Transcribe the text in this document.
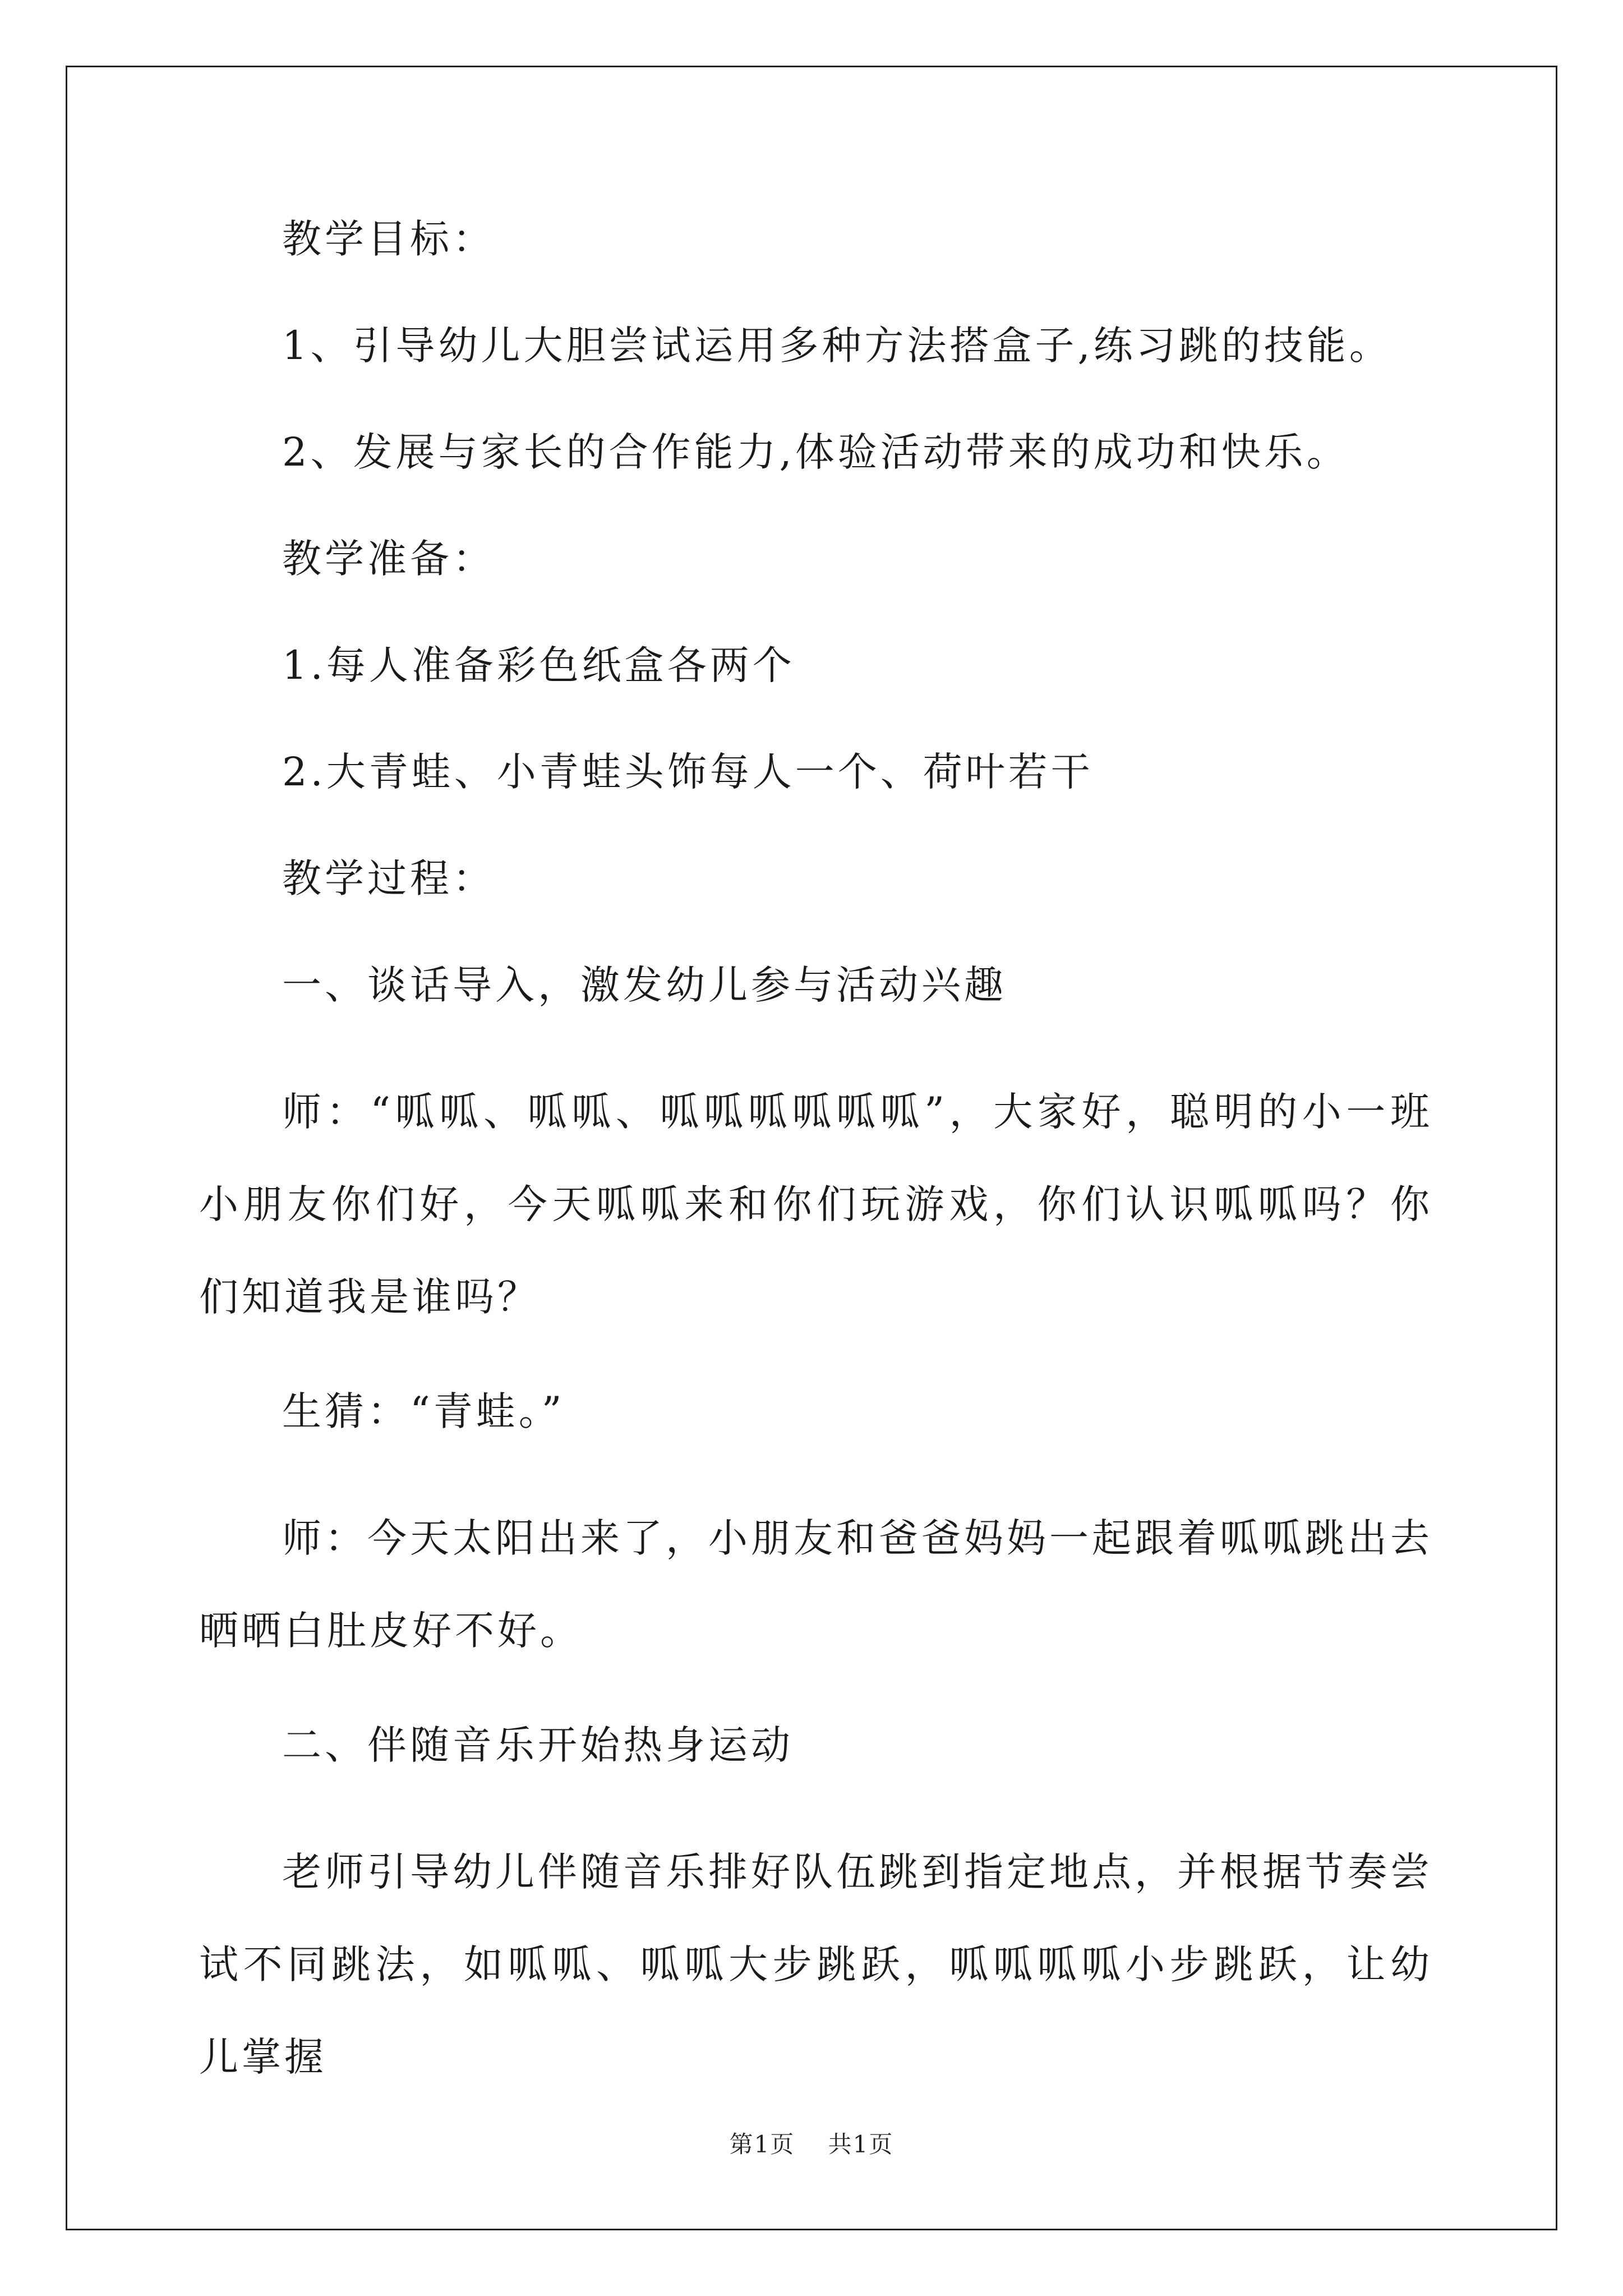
教学目标：

1、引导幼儿大胆尝试运用多种方法搭盒子,练习跳的技能。

2、发展与家长的合作能力,体验活动带来的成功和快乐。

教学准备：

1.每人准备彩色纸盒各两个

2.大青蛙、小青蛙头饰每人一个、荷叶若干

教学过程：

一、谈话导入，激发幼儿参与活动兴趣

师：“呱呱、呱呱、呱呱呱呱呱呱”，大家好，聪明的小一班小朋友你们好，今天呱呱来和你们玩游戏，你们认识呱呱吗？你们知道我是谁吗？

生猜：“青蛙。”

师：今天太阳出来了，小朋友和爸爸妈妈一起跟着呱呱跳出去晒晒白肚皮好不好。

二、伴随音乐开始热身运动

老师引导幼儿伴随音乐排好队伍跳到指定地点，并根据节奏尝试不同跳法，如呱呱、呱呱大步跳跃，呱呱呱呱小步跳跃，让幼儿掌握

第1页 共1页
